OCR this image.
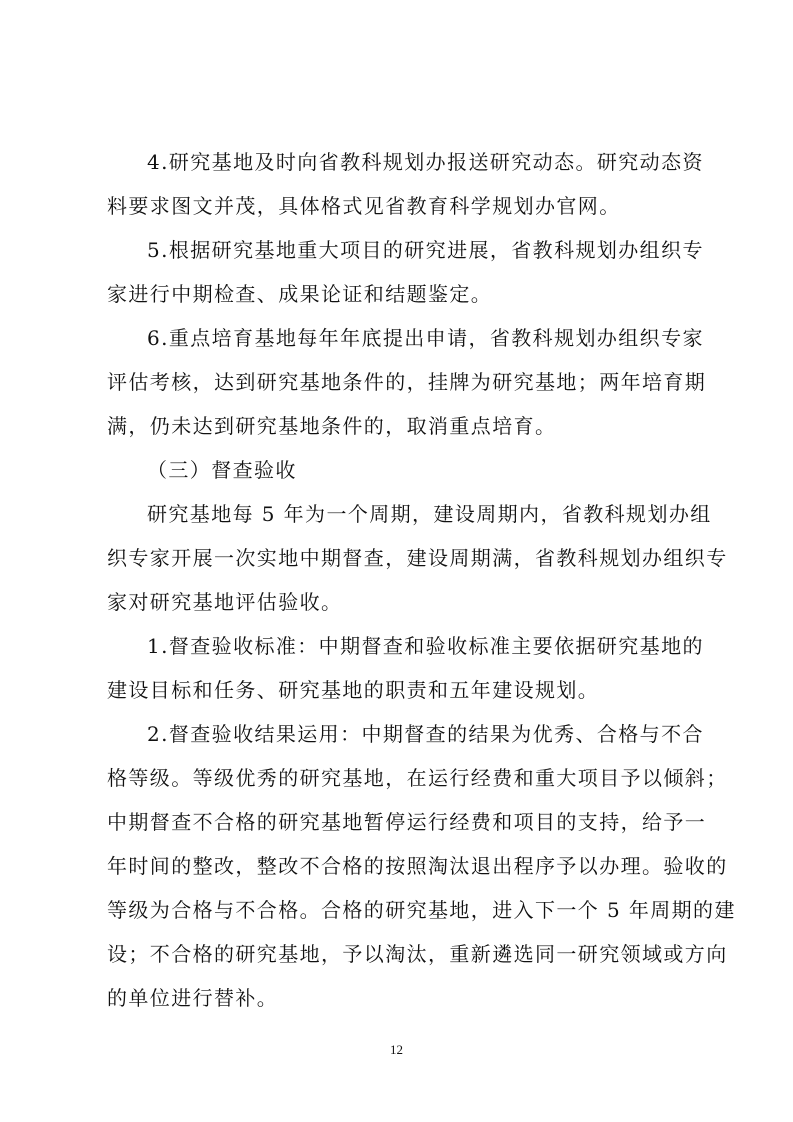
4.研究基地及时向省教科规划办报送研究动态。研究动态资
料要求图文并茂，具体格式见省教育科学规划办官网。
5.根据研究基地重大项目的研究进展，省教科规划办组织专
家进行中期检查、成果论证和结题鉴定。
6.重点培育基地每年年底提出申请，省教科规划办组织专家
评估考核，达到研究基地条件的，挂牌为研究基地；两年培育期
满，仍未达到研究基地条件的，取消重点培育。
（三）督查验收
研究基地每 5 年为一个周期，建设周期内，省教科规划办组
织专家开展一次实地中期督查，建设周期满，省教科规划办组织专
家对研究基地评估验收。
1.督查验收标准：中期督查和验收标准主要依据研究基地的
建设目标和任务、研究基地的职责和五年建设规划。
2.督查验收结果运用：中期督查的结果为优秀、合格与不合
格等级。等级优秀的研究基地，在运行经费和重大项目予以倾斜；
中期督查不合格的研究基地暂停运行经费和项目的支持，给予一
年时间的整改，整改不合格的按照淘汰退出程序予以办理。验收的
等级为合格与不合格。合格的研究基地，进入下一个 5 年周期的建
设；不合格的研究基地，予以淘汰，重新遴选同一研究领域或方向
的单位进行替补。
12
